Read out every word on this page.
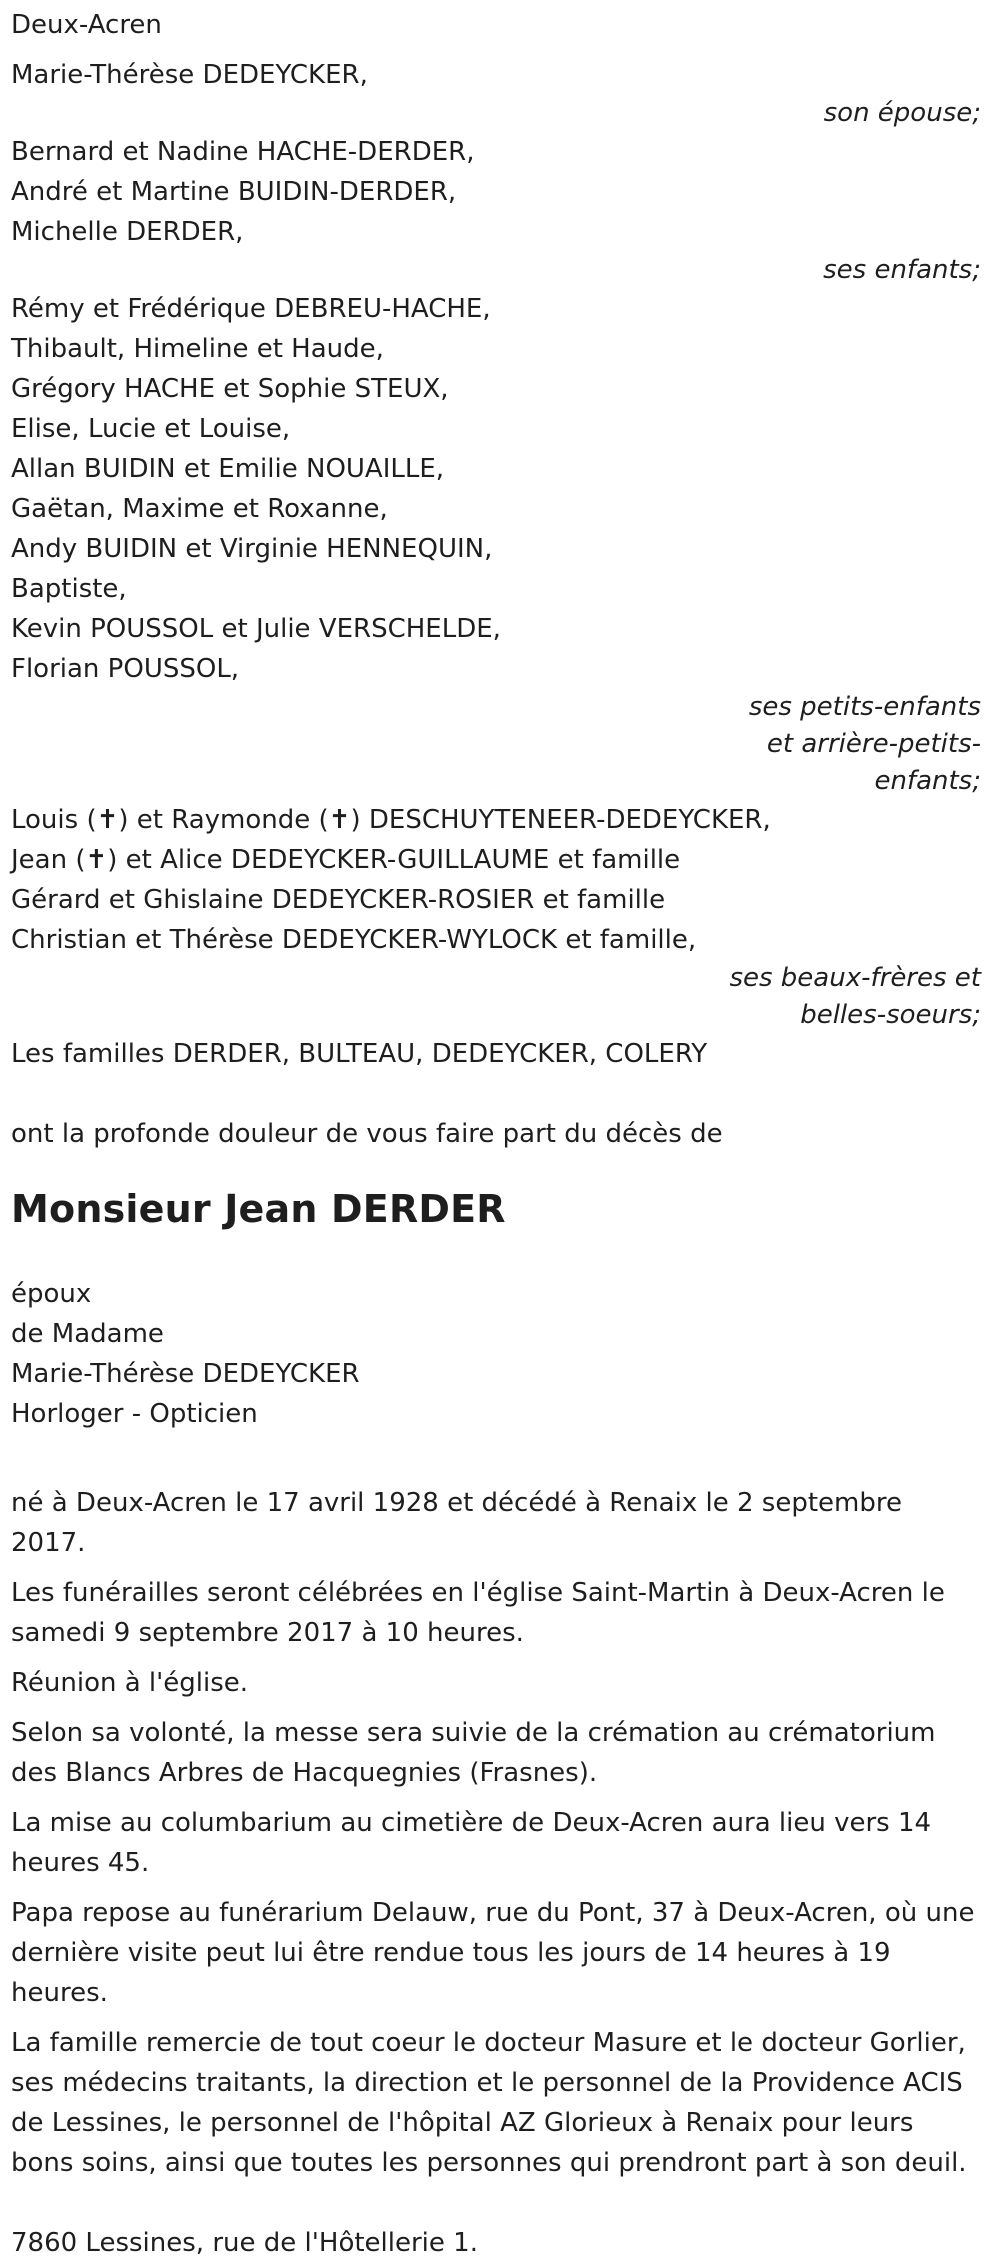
Deux-Acren
Marie-Thérèse DEDEYCKER,
son épouse;
Bernard et Nadine HACHE-DERDER,
André et Martine BUIDIN-DERDER,
Michelle DERDER,
ses enfants;
Rémy et Frédérique DEBREU-HACHE,
Thibault, Himeline et Haude,
Grégory HACHE et Sophie STEUX,
Elise, Lucie et Louise,
Allan BUIDIN et Emilie NOUAILLE,
Gaëtan, Maxime et Roxanne,
Andy BUIDIN et Virginie HENNEQUIN,
Baptiste,
Kevin POUSSOL et Julie VERSCHELDE,
Florian POUSSOL,
ses petits-enfants
et arrière-petits-
enfants;
Louis (✝) et Raymonde (✝) DESCHUYTENEER-DEDEYCKER,
Jean (✝) et Alice DEDEYCKER-GUILLAUME et famille
Gérard et Ghislaine DEDEYCKER-ROSIER et famille
Christian et Thérèse DEDEYCKER-WYLOCK et famille,
ses beaux-frères et
belles-soeurs;
Les familles DERDER, BULTEAU, DEDEYCKER, COLERY
ont la profonde douleur de vous faire part du décès de
Monsieur Jean DERDER
époux
de Madame
Marie-Thérèse DEDEYCKER
Horloger - Opticien
né à Deux-Acren le 17 avril 1928 et décédé à Renaix le 2 septembre 2017.
Les funérailles seront célébrées en l'église Saint-Martin à Deux-Acren le samedi 9 septembre 2017 à 10 heures.
Réunion à l'église.
Selon sa volonté, la messe sera suivie de la crémation au crématorium des Blancs Arbres de Hacquegnies (Frasnes).
La mise au columbarium au cimetière de Deux-Acren aura lieu vers 14 heures 45.
Papa repose au funérarium Delauw, rue du Pont, 37 à Deux-Acren, où une dernière visite peut lui être rendue tous les jours de 14 heures à 19 heures.
La famille remercie de tout coeur le docteur Masure et le docteur Gorlier, ses médecins traitants, la direction et le personnel de la Providence ACIS de Lessines, le personnel de l'hôpital AZ Glorieux à Renaix pour leurs bons soins, ainsi que toutes les personnes qui prendront part à son deuil.
7860 Lessines, rue de l'Hôtellerie 1.
